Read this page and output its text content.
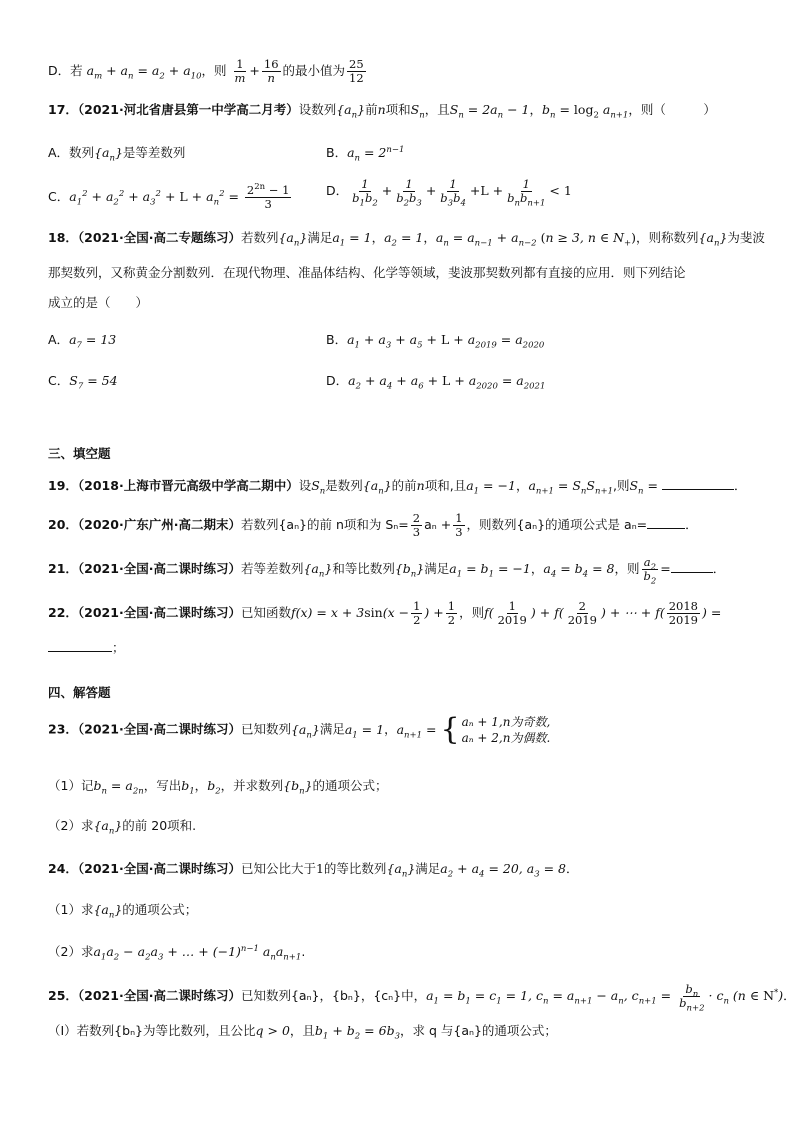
D．若 $a_m + a_n = a_2 + a_{10}$，则 $\frac{1}{m} + \frac{16}{n}$ 的最小值为 $\frac{25}{12}$
17．（2021·河北省唐县第一中学高二月考）设数列$\{a_n\}$前n项和$S_n$，且$S_n = 2a_n - 1$，$b_n = \log_2 a_{n+1}$，则（　　　）
A．数列$\{a_n\}$是等差数列	B．$a_n = 2^{n-1}$
C．$a_1^2 + a_2^2 + a_3^2 + L + a_n^2 = \frac{2^{2n} - 1}{3}$	D． $\frac{1}{b_1b_2} + \frac{1}{b_2b_3} + \frac{1}{b_3b_4} +L + \frac{1}{b_nb_{n+1}} < 1$
18．（2021·全国·高二专题练习）若数列$\{a_n\}$满足$a_1 = 1$，$a_2 = 1$，$a_n = a_{n-1} + a_{n-2}$ (n ≥ 3, n ∈ $N_+$)，则称数列$\{a_n\}$为斐波
那契数列，又称黄金分割数列．在现代物理、准晶体结构、化学等领域，斐波那契数列都有直接的应用．则下列结论
成立的是（　　）
A．$a_7 = 13$	B．$a_1 + a_3 + a_5 + L + a_{2019} = a_{2020}$
C．$S_7 = 54$	D．$a_2 + a_4 + a_6 + L + a_{2020} = a_{2021}$
三、填空题
19．（2018·上海市晋元高级中学高二期中）设$S_n$是数列$\{a_n\}$的前n项和,且$a_1 = -1$，$a_{n+1} = S_nS_{n+1}$,则$S_n$ =	．
20．（2020·广东广州·高二期末）若数列{aₙ}的前 n项和为 $S_n= \frac{2}{3}$ $a_n + \frac{1}{3}$ ，则数列{aₙ}的通项公式是 aₙ=	．
21．（2021·全国·高二课时练习）若等差数列$\{a_n\}$和等比数列$\{b_n\}$满足$a_1 = b_1 = -1$，$a_4 = b_4 = 8$，则 $\frac{a_2}{b_2}$ =	．
22．（2021·全国·高二课时练习）已知函数$f(x) = x + 3\sin(x - \frac{1}{2}$ ) + $\frac{1}{2}$ ，则$f( \frac{1}{2019}$ ) + $f( \frac{2}{2019}$ ) + ⋯ + $f( \frac{2018}{2019}$ ) =
；
四、解答题
23．（2021·全国·高二课时练习）已知数列$\{a_n\}$满足$a_1 = 1$，$a_{n+1}$ = { aₙ + 1,n为奇数,
aₙ + 2,n为偶数.
（1）记$b_n = a_{2n}$，写出$b_1$，$b_2$，并求数列$\{b_n\}$的通项公式；
（2）求$\{a_n\}$的前 20项和.
24．（2021·全国·高二课时练习）已知公比大于1的等比数列$\{a_n\}$满足$a_2 + a_4 = 20$, $a_3 = 8$．
（1）求$\{a_n\}$的通项公式；
（2）求$a_1a_2 - a_2a_3$ + … + $(-1)^{n-1}$ $a_na_{n+1}$.
25．（2021·全国·高二课时练习）已知数列{aₙ}，{bₙ}，{cₙ}中，$a_1 = b_1 = c_1 = 1$, $c_n = a_{n+1} - a_n$, $c_{n+1} = \frac{b_n}{b_{n+2}} \cdot c_n$ (n ∈ N*)．
（Ⅰ）若数列{bₙ}为等比数列，且公比q > 0，且$b_1 + b_2 = 6b_3$，求 q 与{aₙ}的通项公式；
